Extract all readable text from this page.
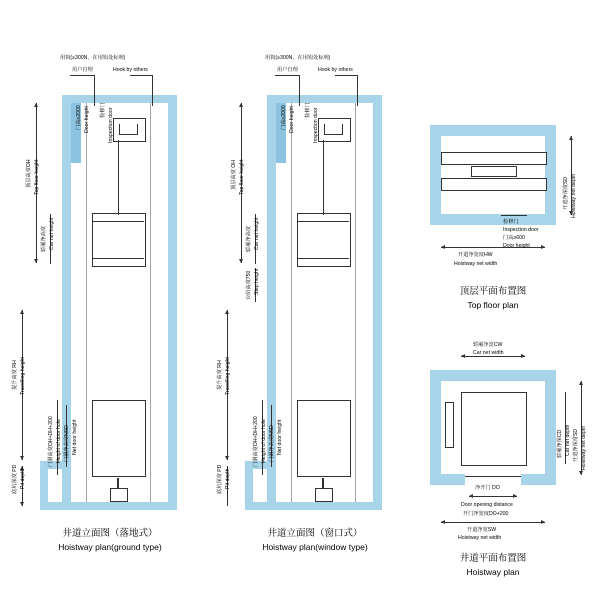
用钩(≥300N，在用钩处标明)
用户自理	Hook by others
门高≥2000 Door height 检修门 Inspection door
顶层高度OH Top floor height
轿厢净高度 Car net height
提升高度 RH Travelling height
底坑深度 PD Pit depth
门洞高度OH+DH+200 Height of door hole 门洞净高度NSD Net door height
井道立面图（落地式）
Hoistway plan(ground type)
用钩(≥300N，在用钩处标明)
用户自理	Hook by others
门高≥2000 Door height 检修门 Inspection door
顶层高度 OH Top floor height
轿厢净高度 Car net height
台阶高度750 Step height
提升高度 RH Travelling height
底坑深度 PD Pit depth
门洞高度OH+DH+200 Height of door hole 门洞净高度NSD Net door height
井道立面图（窗口式）
Hoistway plan(window type)
检修门
Inspection door
门高≥600
Door height
开道净宽度HW
Hoistway net width
开道净深度SD Hoistway net depth
顶层平面布置图
Top floor plan
轿厢净宽CW
Car net width
轿厢净深CD Car net depth 开道净深度SD Hoistway net depth
净开门 DO
Door opening distance
开门净宽度DO+200
开道净宽SW
Hoistway net width
井道平面布置图
Hoistway plan
